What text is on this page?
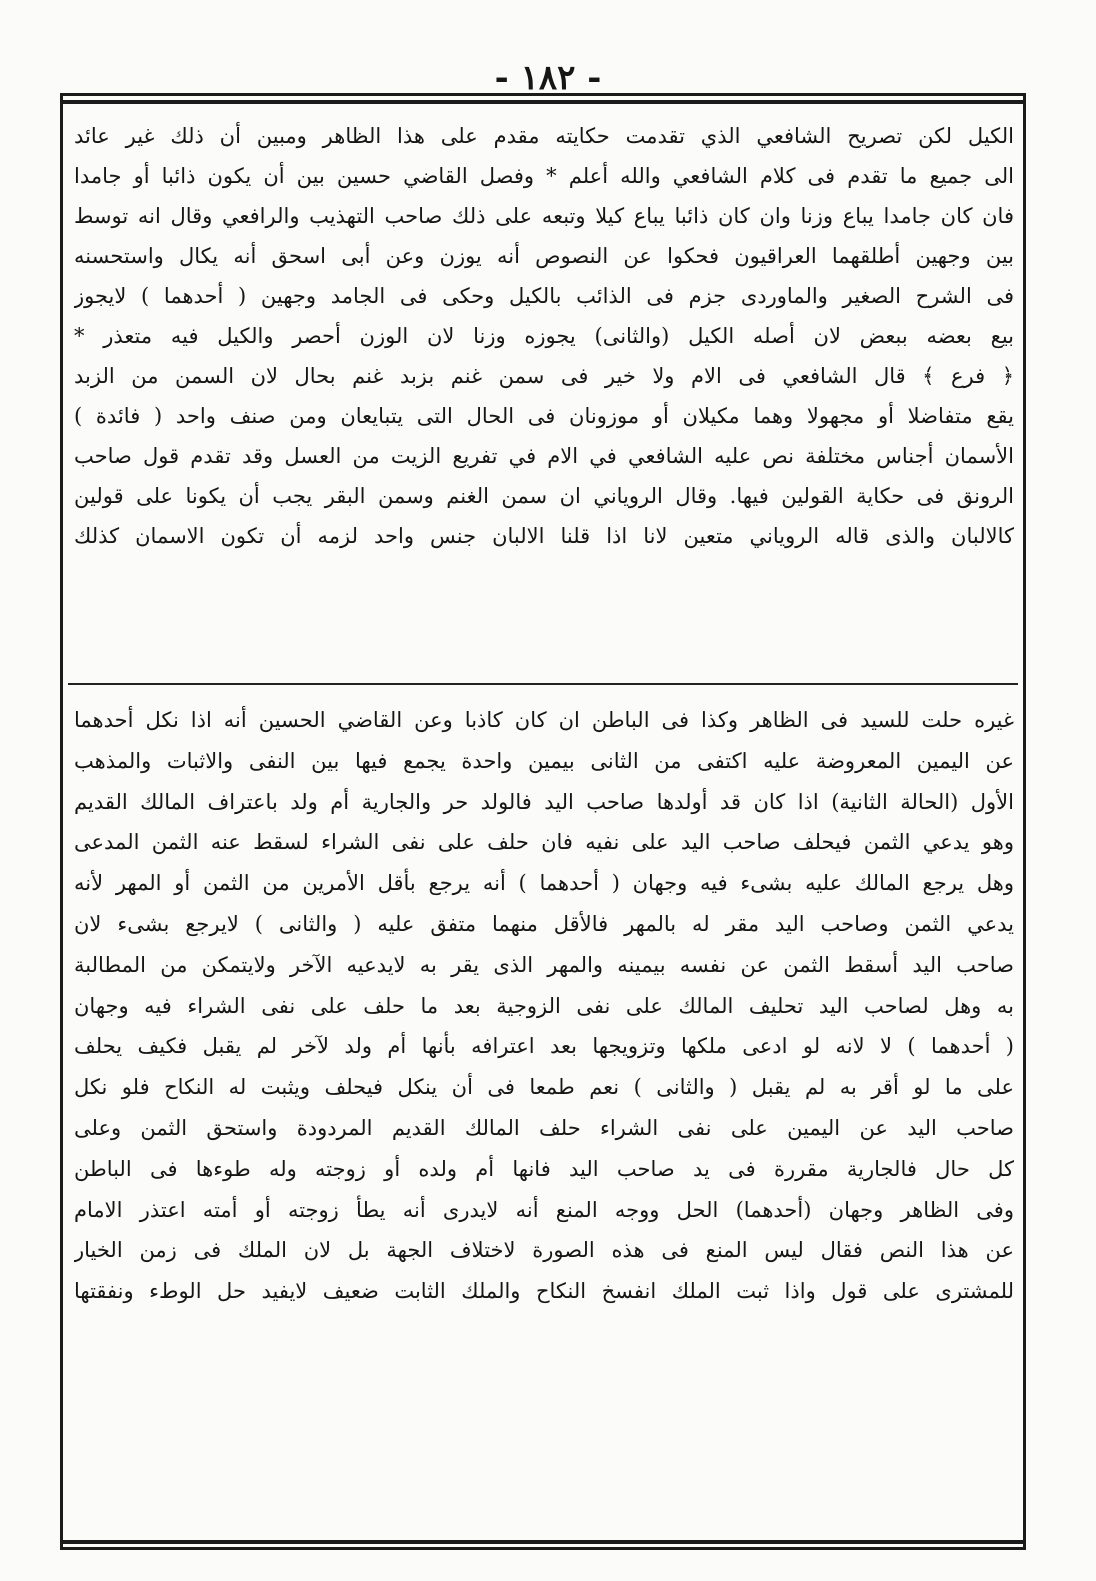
- ١٨٢ -
الكيل لكن تصريح الشافعي الذي تقدمت حكايته مقدم على هذا الظاهر ومبين أن ذلك غير عائد
الى جميع ما تقدم فى كلام الشافعي والله أعلم * وفصل القاضي حسين بين أن يكون ذائبا أو جامدا
فان كان جامدا يباع وزنا وان كان ذائبا يباع كيلا وتبعه على ذلك صاحب التهذيب والرافعي وقال انه توسط
بين وجهين أطلقهما العراقيون فحكوا عن النصوص أنه يوزن وعن أبى اسحق أنه يكال واستحسنه
فى الشرح الصغير والماوردى جزم فى الذائب بالكيل وحكى فى الجامد وجهين ( أحدهما ) لايجوز
بيع بعضه ببعض لان أصله الكيل (والثانى) يجوزه وزنا لان الوزن أحصر والكيل فيه متعذر *
﴿ فرع ﴾ قال الشافعي فى الام ولا خير فى سمن غنم بزبد غنم بحال لان السمن من الزبد
يقع متفاضلا أو مجهولا وهما مكيلان أو موزونان فى الحال التى يتبايعان ومن صنف واحد ( فائدة )
الأسمان أجناس مختلفة نص عليه الشافعي في الام في تفريع الزيت من العسل وقد تقدم قول صاحب
الرونق فى حكاية القولين فيها. وقال الروياني ان سمن الغنم وسمن البقر يجب أن يكونا على قولين
كالالبان والذى قاله الروياني متعين لانا اذا قلنا الالبان جنس واحد لزمه أن تكون الاسمان كذلك
غيره حلت للسيد فى الظاهر وكذا فى الباطن ان كان كاذبا وعن القاضي الحسين أنه اذا نكل أحدهما
عن اليمين المعروضة عليه اكتفى من الثانى بيمين واحدة يجمع فيها بين النفى والاثبات والمذهب
الأول (الحالة الثانية) اذا كان قد أولدها صاحب اليد فالولد حر والجارية أم ولد باعتراف المالك القديم
وهو يدعي الثمن فيحلف صاحب اليد على نفيه فان حلف على نفى الشراء لسقط عنه الثمن المدعى
وهل يرجع المالك عليه بشىء فيه وجهان ( أحدهما ) أنه يرجع بأقل الأمرين من الثمن أو المهر لأنه
يدعي الثمن وصاحب اليد مقر له بالمهر فالأقل منهما متفق عليه ( والثانى ) لايرجع بشىء لان
صاحب اليد أسقط الثمن عن نفسه بيمينه والمهر الذى يقر به لايدعيه الآخر ولايتمكن من المطالبة
به وهل لصاحب اليد تحليف المالك على نفى الزوجية بعد ما حلف على نفى الشراء فيه وجهان
( أحدهما ) لا لانه لو ادعى ملكها وتزويجها بعد اعترافه بأنها أم ولد لآخر لم يقبل فكيف يحلف
على ما لو أقر به لم يقبل ( والثانى ) نعم طمعا فى أن ينكل فيحلف ويثبت له النكاح فلو نكل
صاحب اليد عن اليمين على نفى الشراء حلف المالك القديم المردودة واستحق الثمن وعلى
كل حال فالجارية مقررة فى يد صاحب اليد فانها أم ولده أو زوجته وله طوءها فى الباطن
وفى الظاهر وجهان (أحدهما) الحل ووجه المنع أنه لايدرى أنه يطأ زوجته أو أمته اعتذر الامام
عن هذا النص فقال ليس المنع فى هذه الصورة لاختلاف الجهة بل لان الملك فى زمن الخيار
للمشترى على قول واذا ثبت الملك انفسخ النكاح والملك الثابت ضعيف لايفيد حل الوطء ونفقتها
